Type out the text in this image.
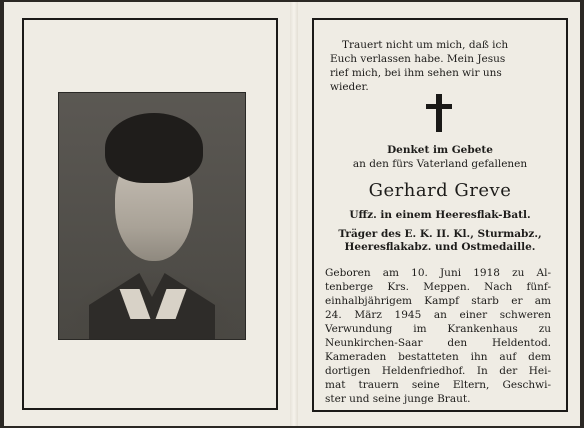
Trauert nicht um mich, daß ich
Euch verlassen habe. Mein Jesus
rief mich, bei ihm sehen wir uns
wieder.
Denket im Gebete
an den fürs Vaterland gefallenen
Gerhard Greve
Uffz. in einem Heeresflak-Batl.
Träger des E. K. II. Kl., Sturmabz.,
Heeresflakabz. und Ostmedaille.
Geboren am 10. Juni 1918 zu Al-
tenberge Krs. Meppen. Nach fünf-
einhalbjährigem Kampf starb er am
24. März 1945 an einer schweren
Verwundung im Krankenhaus zu
Neunkirchen-Saar den Heldentod.
Kameraden bestatteten ihn auf dem
dortigen Heldenfriedhof. In der Hei-
mat trauern seine Eltern, Geschwi-
ster und seine junge Braut.
